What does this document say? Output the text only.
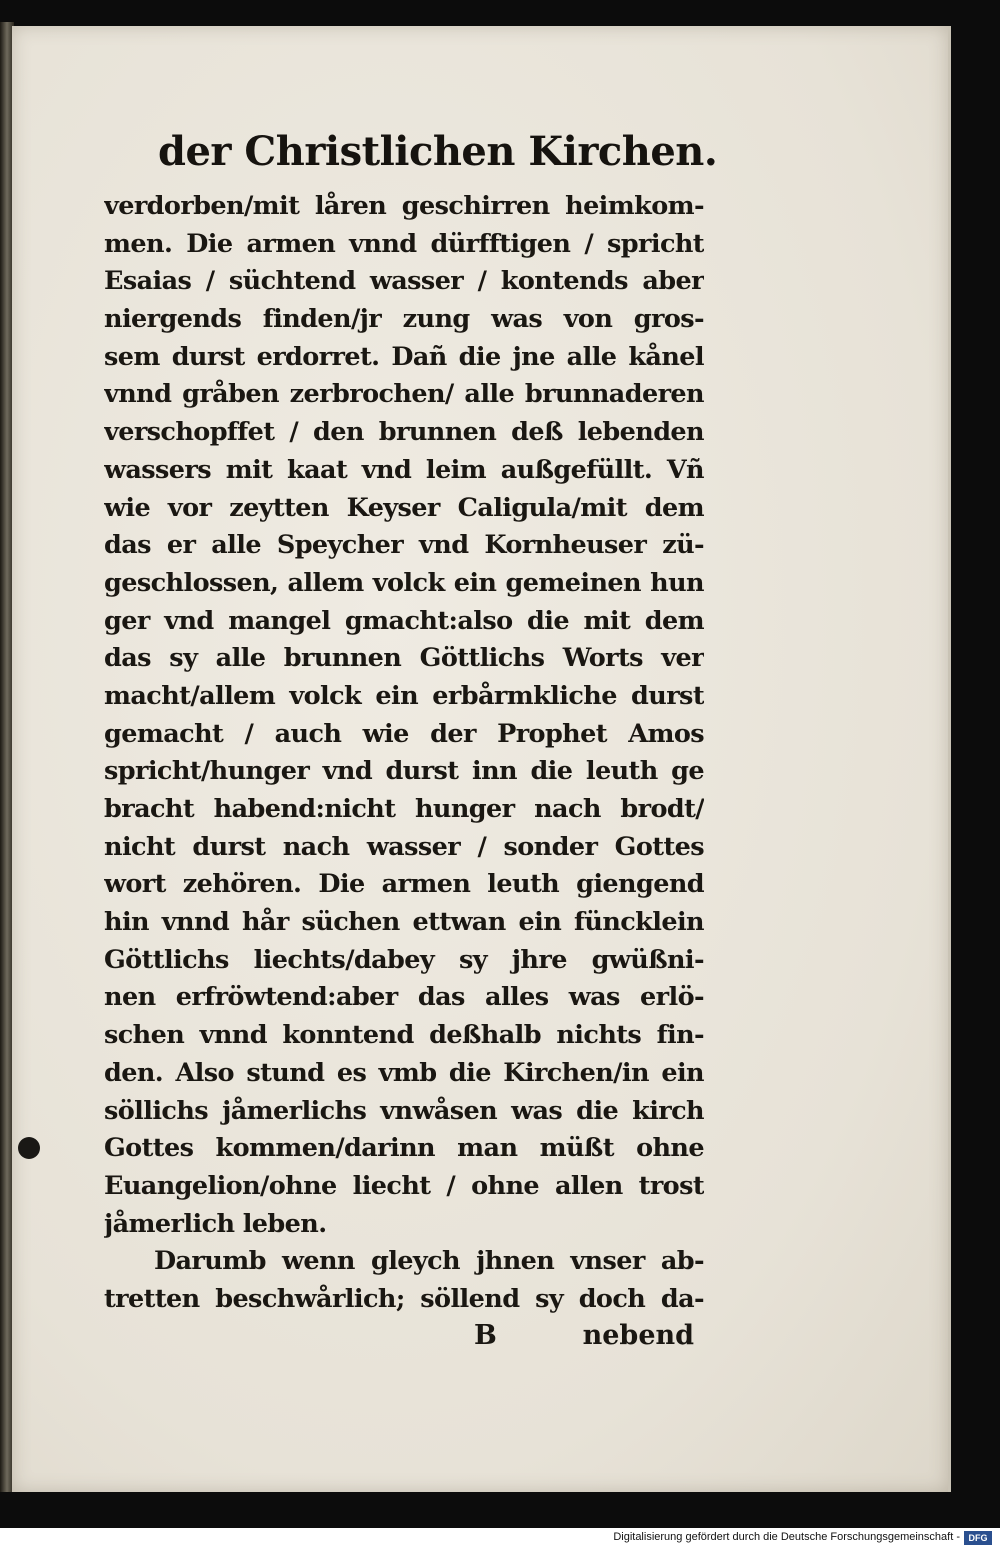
der Christlichen Kirchen.
verdorben/mit låren geschirren heimkom-
men. Die armen vnnd dürfftigen / spricht
Esaias / süchtend wasser / kontends aber
niergends finden/jr zung was von gros-
sem durst erdorret. Dañ die jne alle kånel
vnnd gråben zerbrochen/ alle brunnaderen
verschopffet / den brunnen deß lebenden
wassers mit kaat vnd leim außgefüllt. Vñ
wie vor zeytten Keyser Caligula/mit dem
das er alle Speycher vnd Kornheuser zü-
geschlossen, allem volck ein gemeinen hun
ger vnd mangel gmacht:also die mit dem
das sy alle brunnen Göttlichs Worts ver
macht/allem volck ein erbårmkliche durst
gemacht / auch wie der Prophet Amos
spricht/hunger vnd durst inn die leuth ge
bracht habend:nicht hunger nach brodt/
nicht durst nach wasser / sonder Gottes
wort zehören. Die armen leuth giengend
hin vnnd hår süchen ettwan ein füncklein
Göttlichs liechts/dabey sy jhre gwüßni-
nen erfröwtend:aber das alles was erlö-
schen vnnd konntend deßhalb nichts fin-
den. Also stund es vmb die Kirchen/in ein
söllichs jåmerlichs vnwåsen was die kirch
Gottes kommen/darinn man müßt ohne
Euangelion/ohne liecht / ohne allen trost
jåmerlich leben.
Darumb wenn gleych jhnen vnser ab-
tretten beschwårlich; söllend sy doch da-
B	nebend
Digitalisierung gefördert durch die Deutsche Forschungsgemeinschaft - DFG
